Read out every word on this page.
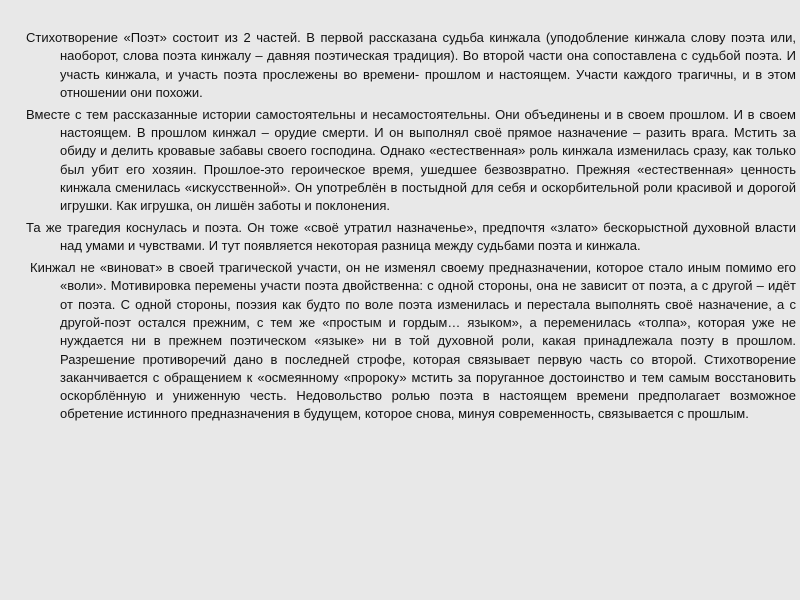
Стихотворение «Поэт» состоит из 2 частей. В первой рассказана судьба кинжала (уподобление кинжала слову поэта или, наоборот, слова поэта кинжалу – давняя поэтическая традиция). Во второй части она сопоставлена с судьбой поэта. И участь кинжала, и участь поэта прослежены во времени- прошлом и настоящем. Участи каждого трагичны, и в этом отношении они похожи.

Вместе с тем рассказанные истории самостоятельны и несамостоятельны. Они объединены и в своем прошлом. И в своем настоящем. В прошлом кинжал – орудие смерти. И он выполнял своё прямое назначение – разить врага. Мстить за обиду и делить кровавые забавы своего господина. Однако «естественная» роль кинжала изменилась сразу, как только был убит его хозяин. Прошлое-это героическое время, ушедшее безвозвратно. Прежняя «естественная» ценность кинжала сменилась «искусственной». Он употреблён в постыдной для себя и оскорбительной роли красивой и дорогой игрушки. Как игрушка, он лишён заботы и поклонения.

Та же трагедия коснулась и поэта. Он тоже «своё утратил назначенье», предпочтя «злато» бескорыстной духовной власти над умами и чувствами. И тут появляется некоторая разница между судьбами поэта и кинжала.

Кинжал не «виноват» в своей трагической участи, он не изменял своему предназначении, которое стало иным помимо его «воли». Мотивировка перемены участи поэта двойственна: с одной стороны, она не зависит от поэта, а с другой – идёт от поэта. С одной стороны, поэзия как будто по воле поэта изменилась и перестала выполнять своё назначение, а с другой-поэт остался прежним, с тем же «простым и гордым… языком», а переменилась «толпа», которая уже не нуждается ни в прежнем поэтическом «языке» ни в той духовной роли, какая принадлежала поэту в прошлом. Разрешение противоречий дано в последней строфе, которая связывает первую часть со второй. Стихотворение заканчивается с обращением к «осмеянному «пророку» мстить за поруганное достоинство и тем самым восстановить оскорблённую и униженную честь. Недовольство ролью поэта в настоящем времени предполагает возможное обретение истинного предназначения в будущем, которое снова, минуя современность, связывается с прошлым.
